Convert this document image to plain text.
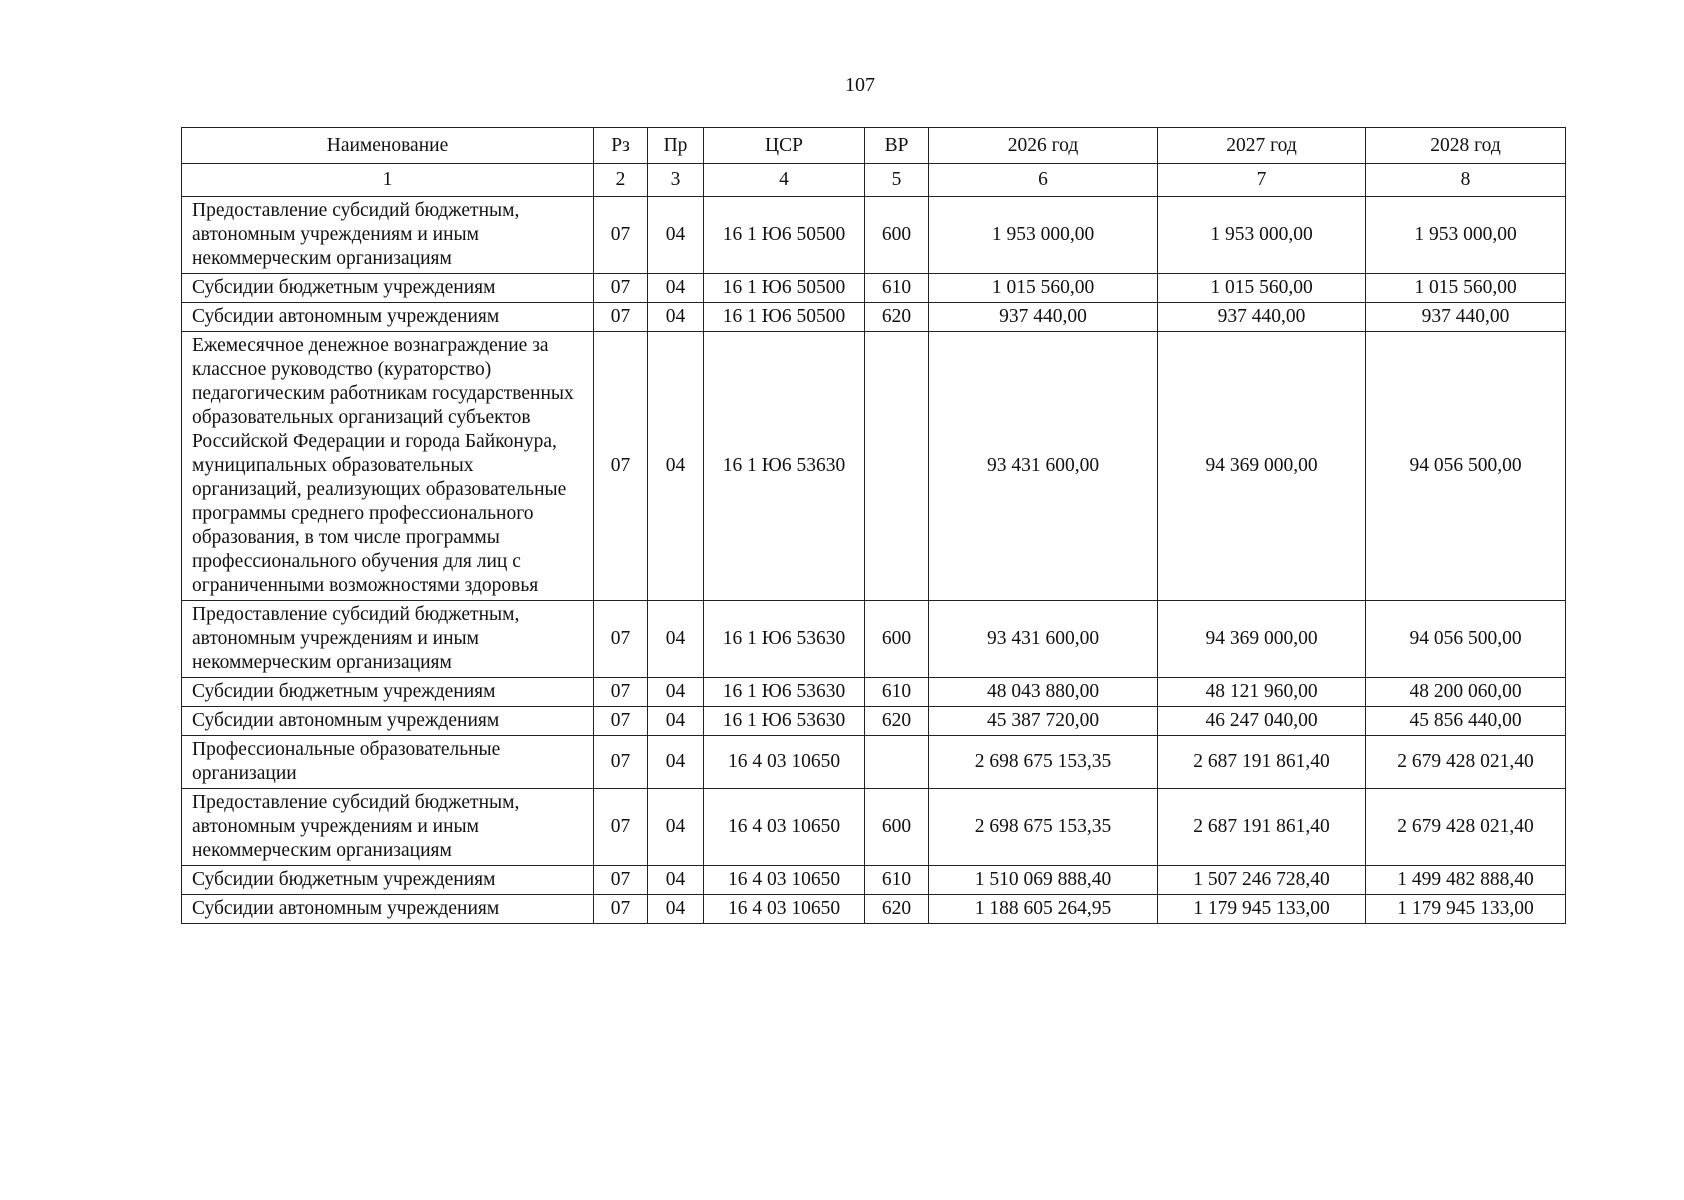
107
Наименование	Рз	Пр	ЦСР	ВР	2026 год	2027 год	2028 год
1	2	3	4	5	6	7	8
Предоставление субсидий бюджетным, автономным учреждениям и иным некоммерческим организациям	07	04	16 1 Ю6 50500	600	1 953 000,00	1 953 000,00	1 953 000,00
Субсидии бюджетным учреждениям	07	04	16 1 Ю6 50500	610	1 015 560,00	1 015 560,00	1 015 560,00
Субсидии автономным учреждениям	07	04	16 1 Ю6 50500	620	937 440,00	937 440,00	937 440,00
Ежемесячное денежное вознаграждение за классное руководство (кураторство) педагогическим работникам государственных образовательных организаций субъектов Российской Федерации и города Байконура, муниципальных образовательных организаций, реализующих образовательные программы среднего профессионального образования, в том числе программы профессионального обучения для лиц с ограниченными возможностями здоровья	07	04	16 1 Ю6 53630		93 431 600,00	94 369 000,00	94 056 500,00
Предоставление субсидий бюджетным, автономным учреждениям и иным некоммерческим организациям	07	04	16 1 Ю6 53630	600	93 431 600,00	94 369 000,00	94 056 500,00
Субсидии бюджетным учреждениям	07	04	16 1 Ю6 53630	610	48 043 880,00	48 121 960,00	48 200 060,00
Субсидии автономным учреждениям	07	04	16 1 Ю6 53630	620	45 387 720,00	46 247 040,00	45 856 440,00
Профессиональные образовательные организации	07	04	16 4 03 10650		2 698 675 153,35	2 687 191 861,40	2 679 428 021,40
Предоставление субсидий бюджетным, автономным учреждениям и иным некоммерческим организациям	07	04	16 4 03 10650	600	2 698 675 153,35	2 687 191 861,40	2 679 428 021,40
Субсидии бюджетным учреждениям	07	04	16 4 03 10650	610	1 510 069 888,40	1 507 246 728,40	1 499 482 888,40
Субсидии автономным учреждениям	07	04	16 4 03 10650	620	1 188 605 264,95	1 179 945 133,00	1 179 945 133,00
